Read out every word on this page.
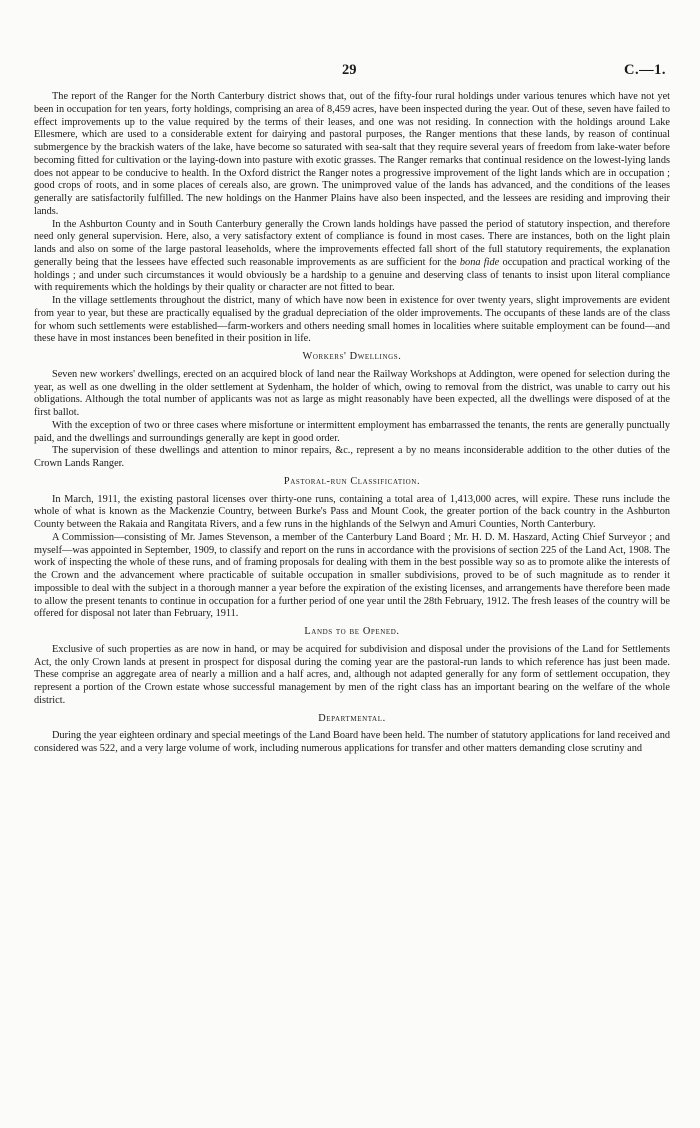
29	C.—1.

The report of the Ranger for the North Canterbury district shows that, out of the fifty-four rural holdings under various tenures which have not yet been in occupation for ten years, forty holdings, comprising an area of 8,459 acres, have been inspected during the year. Out of these, seven have failed to effect improvements up to the value required by the terms of their leases, and one was not residing. In connection with the holdings around Lake Ellesmere, which are used to a considerable extent for dairying and pastoral purposes, the Ranger mentions that these lands, by reason of continual submergence by the brackish waters of the lake, have become so saturated with sea-salt that they require several years of freedom from lake-water before becoming fitted for cultivation or the laying-down into pasture with exotic grasses. The Ranger remarks that continual residence on the lowest-lying lands does not appear to be conducive to health. In the Oxford district the Ranger notes a progressive improvement of the light lands which are in occupation ; good crops of roots, and in some places of cereals also, are grown. The unimproved value of the lands has advanced, and the conditions of the leases generally are satisfactorily fulfilled. The new holdings on the Hanmer Plains have also been inspected, and the lessees are residing and improving their lands.

In the Ashburton County and in South Canterbury generally the Crown lands holdings have passed the period of statutory inspection, and therefore need only general supervision. Here, also, a very satisfactory extent of compliance is found in most cases. There are instances, both on the light plain lands and also on some of the large pastoral leaseholds, where the improvements effected fall short of the full statutory requirements, the explanation generally being that the lessees have effected such reasonable improvements as are sufficient for the bona fide occupation and practical working of the holdings ; and under such circumstances it would obviously be a hardship to a genuine and deserving class of tenants to insist upon literal compliance with requirements which the holdings by their quality or character are not fitted to bear.

In the village settlements throughout the district, many of which have now been in existence for over twenty years, slight improvements are evident from year to year, but these are practically equalised by the gradual depreciation of the older improvements. The occupants of these lands are of the class for whom such settlements were established—farm-workers and others needing small homes in localities where suitable employment can be found—and these have in most instances been benefited in their position in life.

Workers' Dwellings.

Seven new workers' dwellings, erected on an acquired block of land near the Railway Workshops at Addington, were opened for selection during the year, as well as one dwelling in the older settlement at Sydenham, the holder of which, owing to removal from the district, was unable to carry out his obligations. Although the total number of applicants was not as large as might reasonably have been expected, all the dwellings were disposed of at the first ballot.

With the exception of two or three cases where misfortune or intermittent employment has embarrassed the tenants, the rents are generally punctually paid, and the dwellings and surroundings generally are kept in good order.

The supervision of these dwellings and attention to minor repairs, &c., represent a by no means inconsiderable addition to the other duties of the Crown Lands Ranger.

Pastoral-run Classification.

In March, 1911, the existing pastoral licenses over thirty-one runs, containing a total area of 1,413,000 acres, will expire. These runs include the whole of what is known as the Mackenzie Country, between Burke's Pass and Mount Cook, the greater portion of the back country in the Ashburton County between the Rakaia and Rangitata Rivers, and a few runs in the highlands of the Selwyn and Amuri Counties, North Canterbury.

A Commission—consisting of Mr. James Stevenson, a member of the Canterbury Land Board ; Mr. H. D. M. Haszard, Acting Chief Surveyor ; and myself—was appointed in September, 1909, to classify and report on the runs in accordance with the provisions of section 225 of the Land Act, 1908. The work of inspecting the whole of these runs, and of framing proposals for dealing with them in the best possible way so as to promote alike the interests of the Crown and the advancement where practicable of suitable occupation in smaller subdivisions, proved to be of such magnitude as to render it impossible to deal with the subject in a thorough manner a year before the expiration of the existing licenses, and arrangements have therefore been made to allow the present tenants to continue in occupation for a further period of one year until the 28th February, 1912. The fresh leases of the country will be offered for disposal not later than February, 1911.

Lands to be Opened.

Exclusive of such properties as are now in hand, or may be acquired for subdivision and disposal under the provisions of the Land for Settlements Act, the only Crown lands at present in prospect for disposal during the coming year are the pastoral-run lands to which reference has just been made. These comprise an aggregate area of nearly a million and a half acres, and, although not adapted generally for any form of settlement occupation, they represent a portion of the Crown estate whose successful management by men of the right class has an important bearing on the welfare of the whole district.

Departmental.

During the year eighteen ordinary and special meetings of the Land Board have been held. The number of statutory applications for land received and considered was 522, and a very large volume of work, including numerous applications for transfer and other matters demanding close scrutiny and
